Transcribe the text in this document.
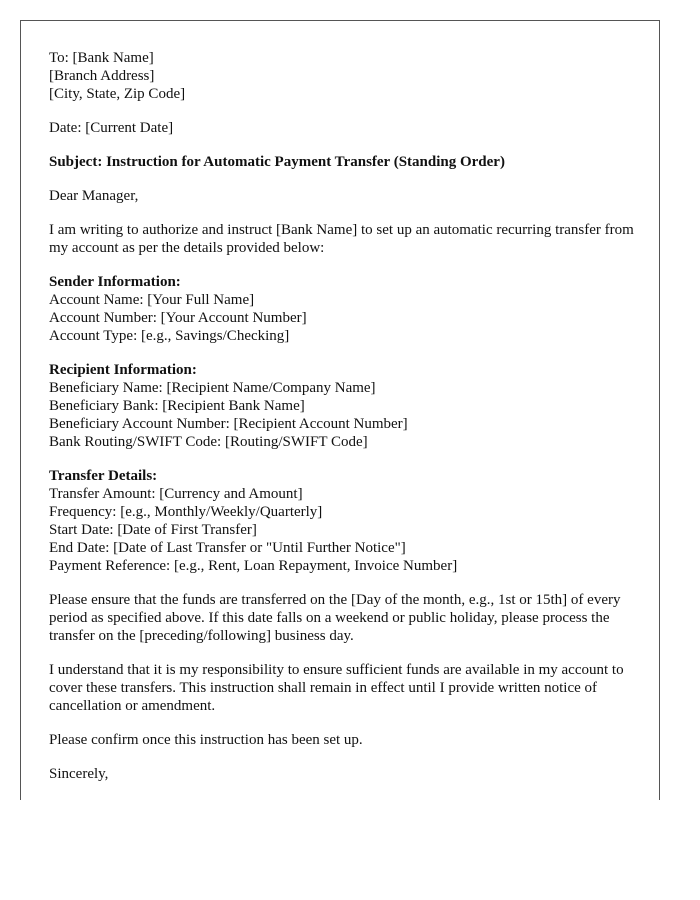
To: [Bank Name]
[Branch Address]
[City, State, Zip Code]

Date: [Current Date]

Subject: Instruction for Automatic Payment Transfer (Standing Order)

Dear Manager,

I am writing to authorize and instruct [Bank Name] to set up an automatic recurring transfer from my account as per the details provided below:

Sender Information:
Account Name: [Your Full Name]
Account Number: [Your Account Number]
Account Type: [e.g., Savings/Checking]
Recipient Information:
Beneficiary Name: [Recipient Name/Company Name]
Beneficiary Bank: [Recipient Bank Name]
Beneficiary Account Number: [Recipient Account Number]
Bank Routing/SWIFT Code: [Routing/SWIFT Code]
Transfer Details:
Transfer Amount: [Currency and Amount]
Frequency: [e.g., Monthly/Weekly/Quarterly]
Start Date: [Date of First Transfer]
End Date: [Date of Last Transfer or "Until Further Notice"]
Payment Reference: [e.g., Rent, Loan Repayment, Invoice Number]

Please ensure that the funds are transferred on the [Day of the month, e.g., 1st or 15th] of every period as specified above. If this date falls on a weekend or public holiday, please process the transfer on the [preceding/following] business day.

I understand that it is my responsibility to ensure sufficient funds are available in my account to cover these transfers. This instruction shall remain in effect until I provide written notice of cancellation or amendment.

Please confirm once this instruction has been set up.

Sincerely,
